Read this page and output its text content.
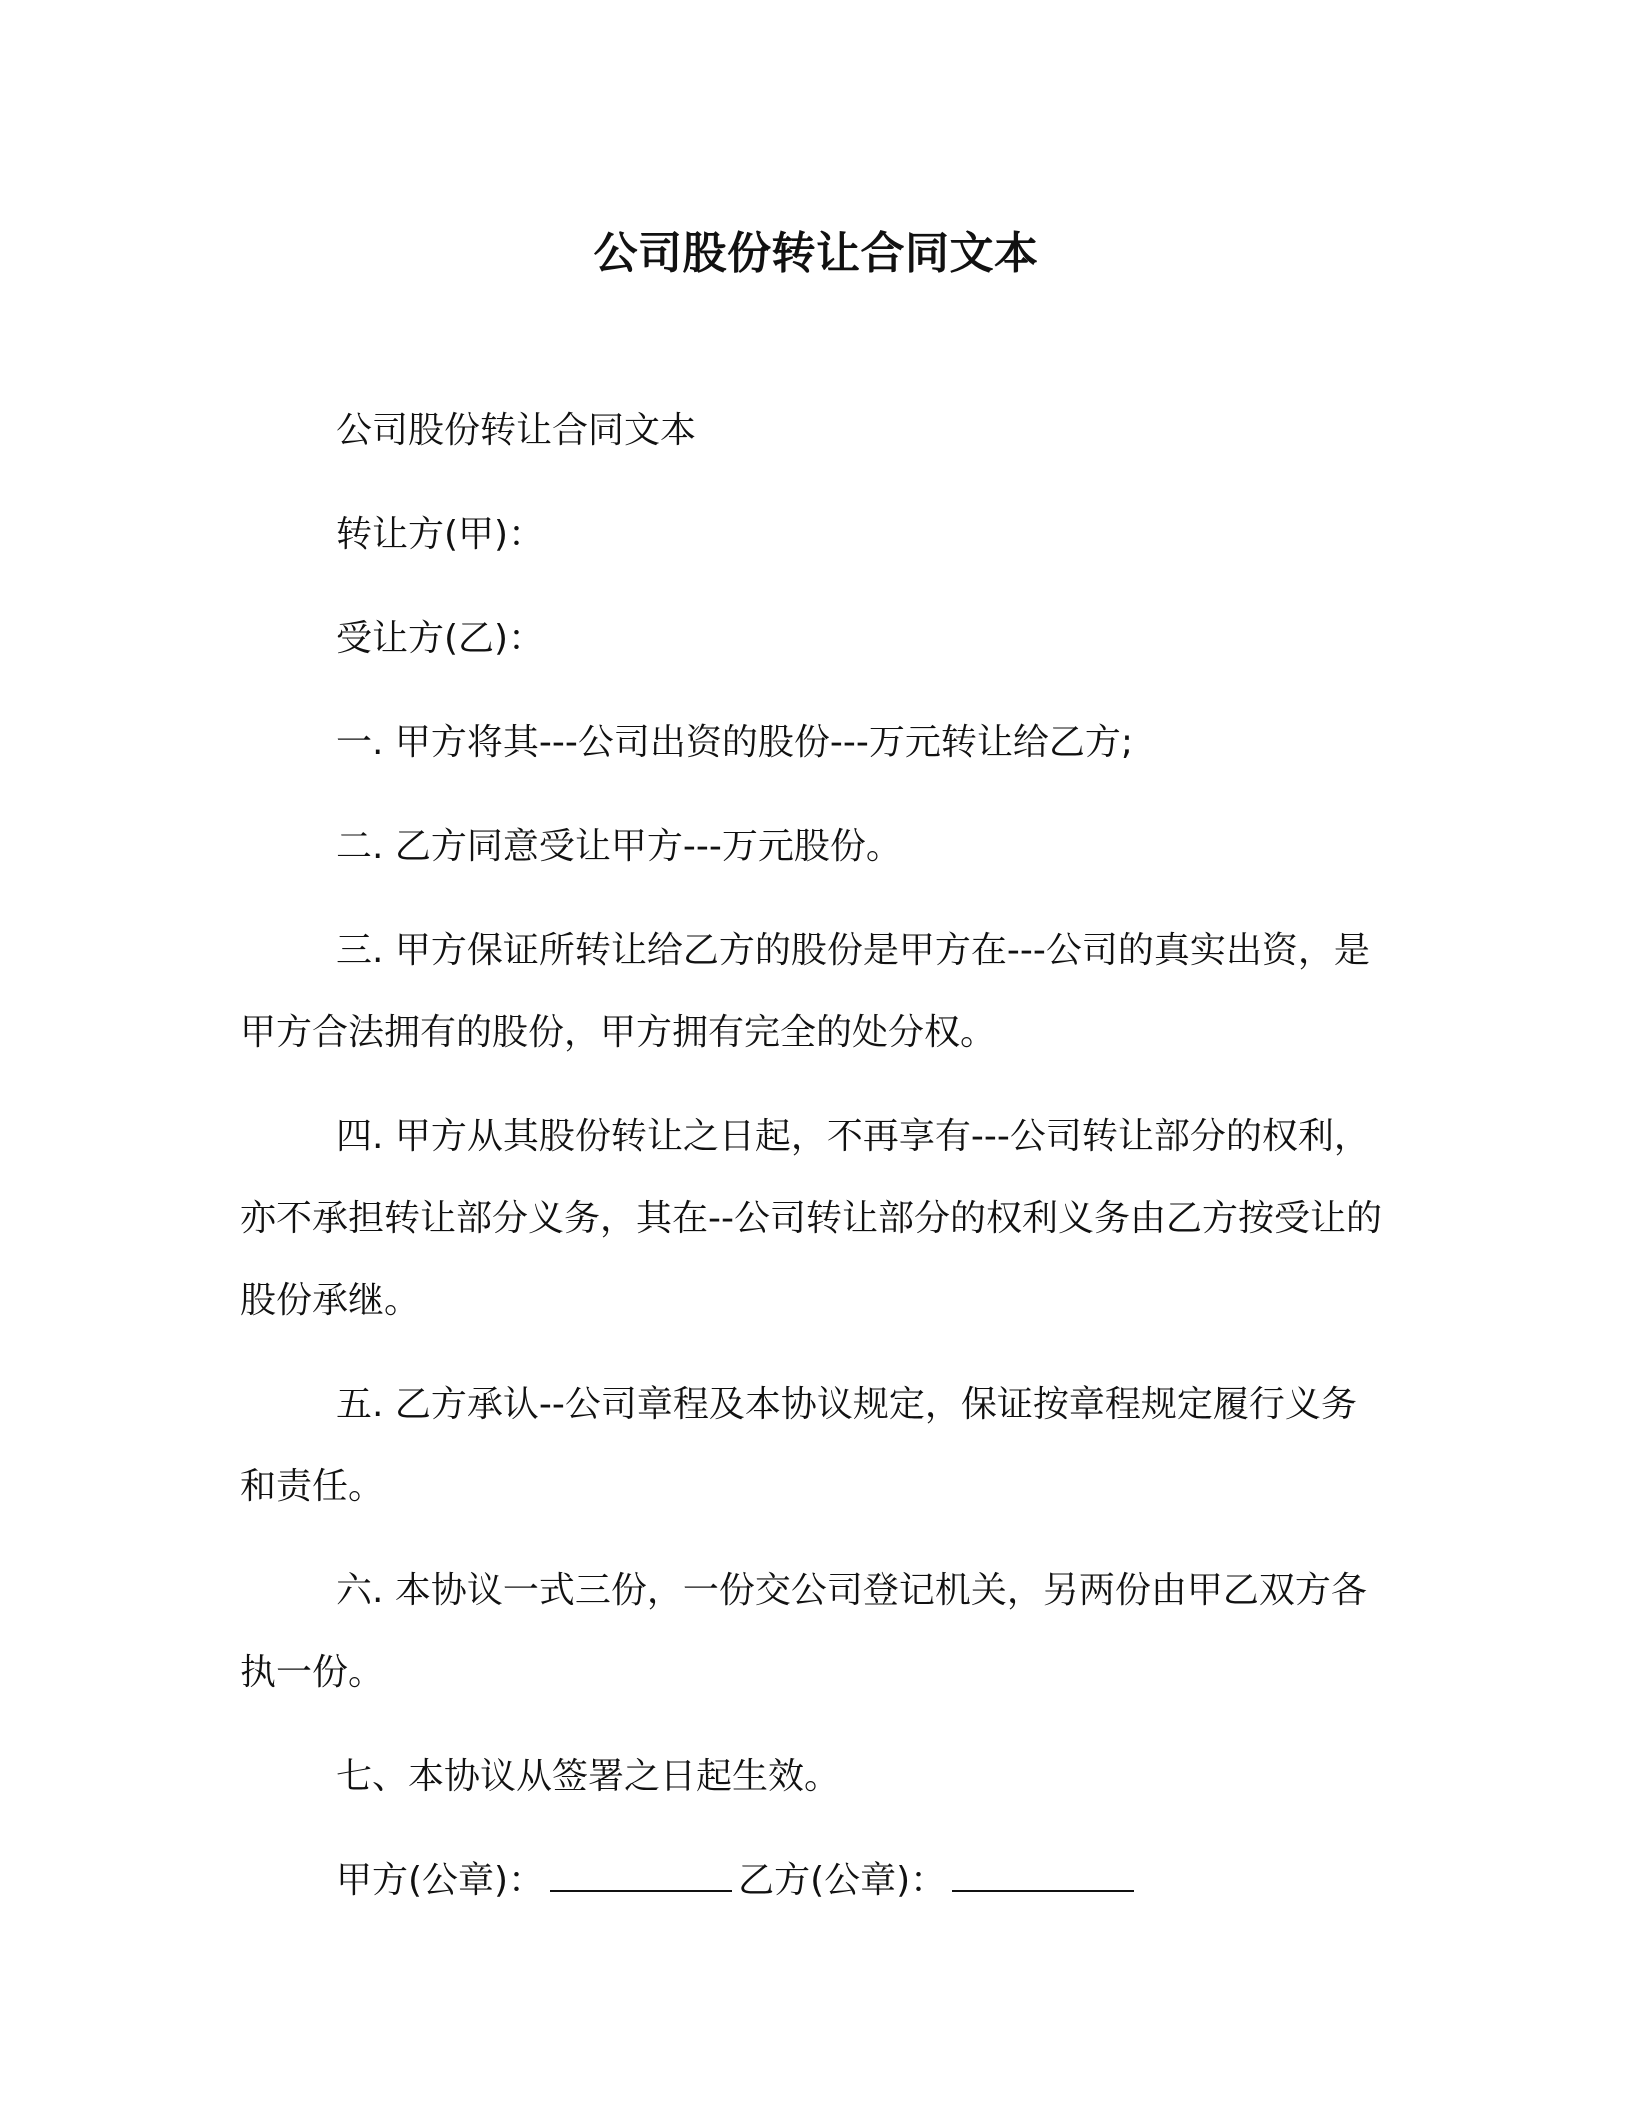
公司股份转让合同文本

公司股份转让合同文本

转让方(甲)：

受让方(乙)：

一. 甲方将其---公司出资的股份---万元转让给乙方;

二. 乙方同意受让甲方---万元股份。

三. 甲方保证所转让给乙方的股份是甲方在---公司的真实出资，是甲方合法拥有的股份，甲方拥有完全的处分权。

四. 甲方从其股份转让之日起，不再享有---公司转让部分的权利，亦不承担转让部分义务，其在--公司转让部分的权利义务由乙方按受让的股份承继。

五. 乙方承认--公司章程及本协议规定，保证按章程规定履行义务和责任。

六. 本协议一式三份，一份交公司登记机关，另两份由甲乙双方各执一份。

七、本协议从签署之日起生效。

甲方(公章)：	乙方(公章)：
